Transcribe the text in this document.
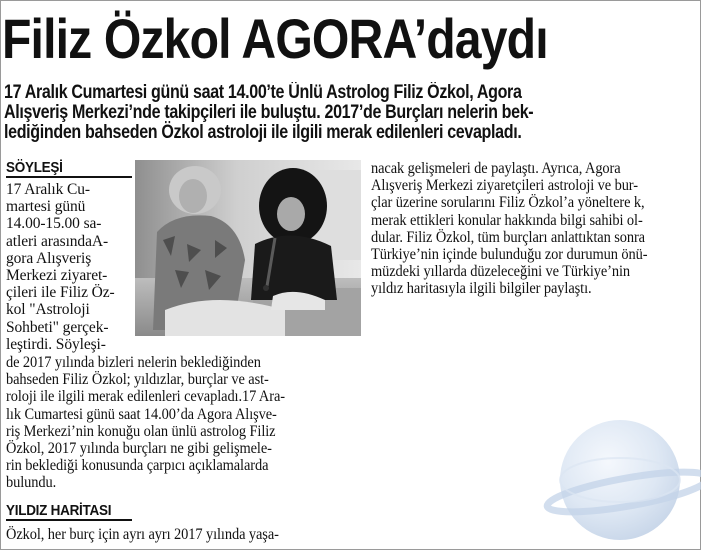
Filiz Özkol AGORA’daydı
17 Aralık Cumartesi günü saat 14.00’te Ünlü Astrolog Filiz Özkol, Agora
Alışveriş Merkezi’nde takipçileri ile buluştu. 2017’de Burçları nelerin bek-
lediğinden bahseden Özkol astroloji ile ilgili merak edilenleri cevapladı.
SÖYLEŞİ
17 Aralık Cu-
martesi günü
14.00-15.00 sa-
atleri arasındaA-
gora Alışveriş
Merkezi ziyaret-
çileri ile Filiz Öz-
kol "Astroloji
Sohbeti" gerçek-
leştirdi. Söyleşi-
de 2017 yılında bizleri nelerin beklediğinden
bahseden Filiz Özkol; yıldızlar, burçlar ve ast-
roloji ile ilgili merak edilenleri cevapladı.17 Ara-
lık Cumartesi günü saat 14.00’da Agora Alışve-
riş Merkezi’nin konuğu olan ünlü astrolog Filiz
Özkol, 2017 yılında burçları ne gibi gelişmele-
rin beklediği konusunda çarpıcı açıklamalarda
bulundu.
YILDIZ HARİTASI
Özkol, her burç için ayrı ayrı 2017 yılında yaşa-
nacak gelişmeleri de paylaştı. Ayrıca, Agora
Alışveriş Merkezi ziyaretçileri astroloji ve bur-
çlar üzerine sorularını Filiz Özkol’a yöneltere k,
merak ettikleri konular hakkında bilgi sahibi ol-
dular. Filiz Özkol, tüm burçları anlattıktan sonra
Türkiye’nin içinde bulunduğu zor durumun önü-
müzdeki yıllarda düzeleceğini ve Türkiye’nin
yıldız haritasıyla ilgili bilgiler paylaştı.
